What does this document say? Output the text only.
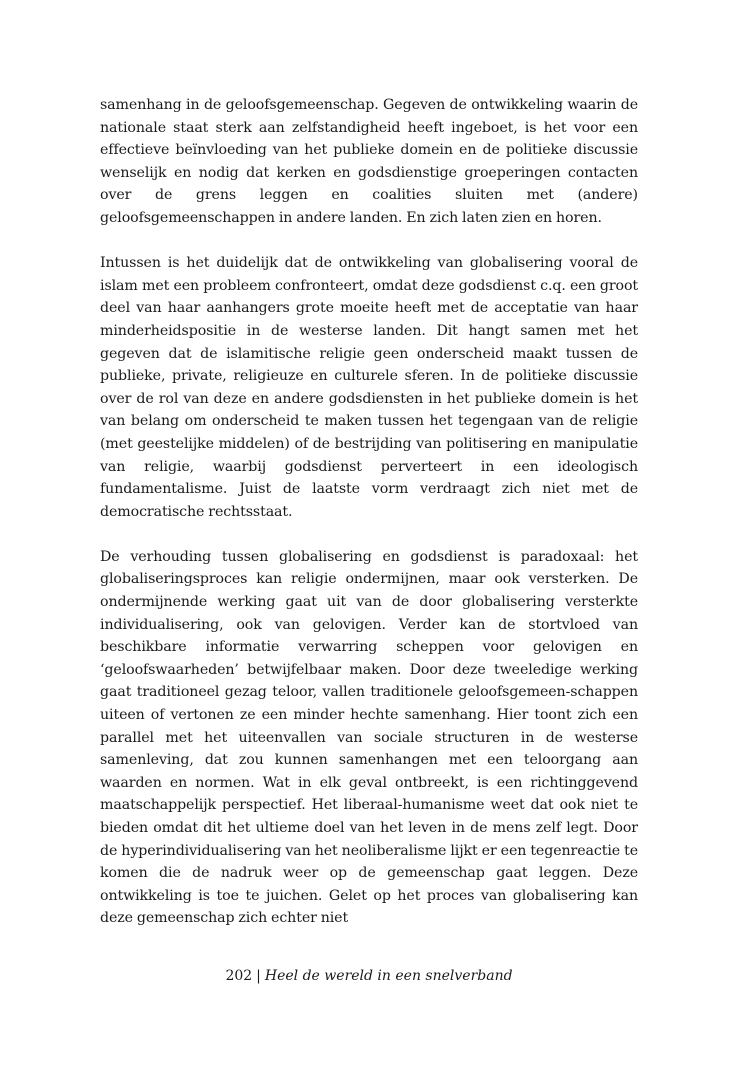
samenhang in de geloofsgemeenschap. Gegeven de ontwikkeling waarin de nationale staat sterk aan zelfstandigheid heeft ingeboet, is het voor een effectieve beïnvloeding van het publieke domein en de politieke discussie wenselijk en nodig dat kerken en godsdienstige groeperingen contacten over de grens leggen en coalities sluiten met (andere) geloofsgemeenschappen in andere landen. En zich laten zien en horen.

Intussen is het duidelijk dat de ontwikkeling van globalisering vooral de islam met een probleem confronteert, omdat deze godsdienst c.q. een groot deel van haar aanhangers grote moeite heeft met de acceptatie van haar minderheidspositie in de westerse landen. Dit hangt samen met het gegeven dat de islamitische religie geen onderscheid maakt tussen de publieke, private, religieuze en culturele sferen. In de politieke discussie over de rol van deze en andere godsdiensten in het publieke domein is het van belang om onderscheid te maken tussen het tegengaan van de religie (met geestelijke middelen) of de bestrijding van politisering en manipulatie van religie, waarbij godsdienst perverteert in een ideologisch fundamentalisme. Juist de laatste vorm verdraagt zich niet met de democratische rechtsstaat.

De verhouding tussen globalisering en godsdienst is paradoxaal: het globaliseringsproces kan religie ondermijnen, maar ook versterken. De ondermijnende werking gaat uit van de door globalisering versterkte individualisering, ook van gelovigen. Verder kan de stortvloed van beschikbare informatie verwarring scheppen voor gelovigen en ‘geloofswaarheden’ betwijfelbaar maken. Door deze tweeledige werking gaat traditioneel gezag teloor, vallen traditionele geloofsgemeen-schappen uiteen of vertonen ze een minder hechte samenhang. Hier toont zich een parallel met het uiteenvallen van sociale structuren in de westerse samenleving, dat zou kunnen samenhangen met een teloorgang aan waarden en normen. Wat in elk geval ontbreekt, is een richtinggevend maatschappelijk perspectief. Het liberaal-humanisme weet dat ook niet te bieden omdat dit het ultieme doel van het leven in de mens zelf legt. Door de hyperindividualisering van het neoliberalisme lijkt er een tegenreactie te komen die de nadruk weer op de gemeenschap gaat leggen. Deze ontwikkeling is toe te juichen. Gelet op het proces van globalisering kan deze gemeenschap zich echter niet

202 | Heel de wereld in een snelverband
